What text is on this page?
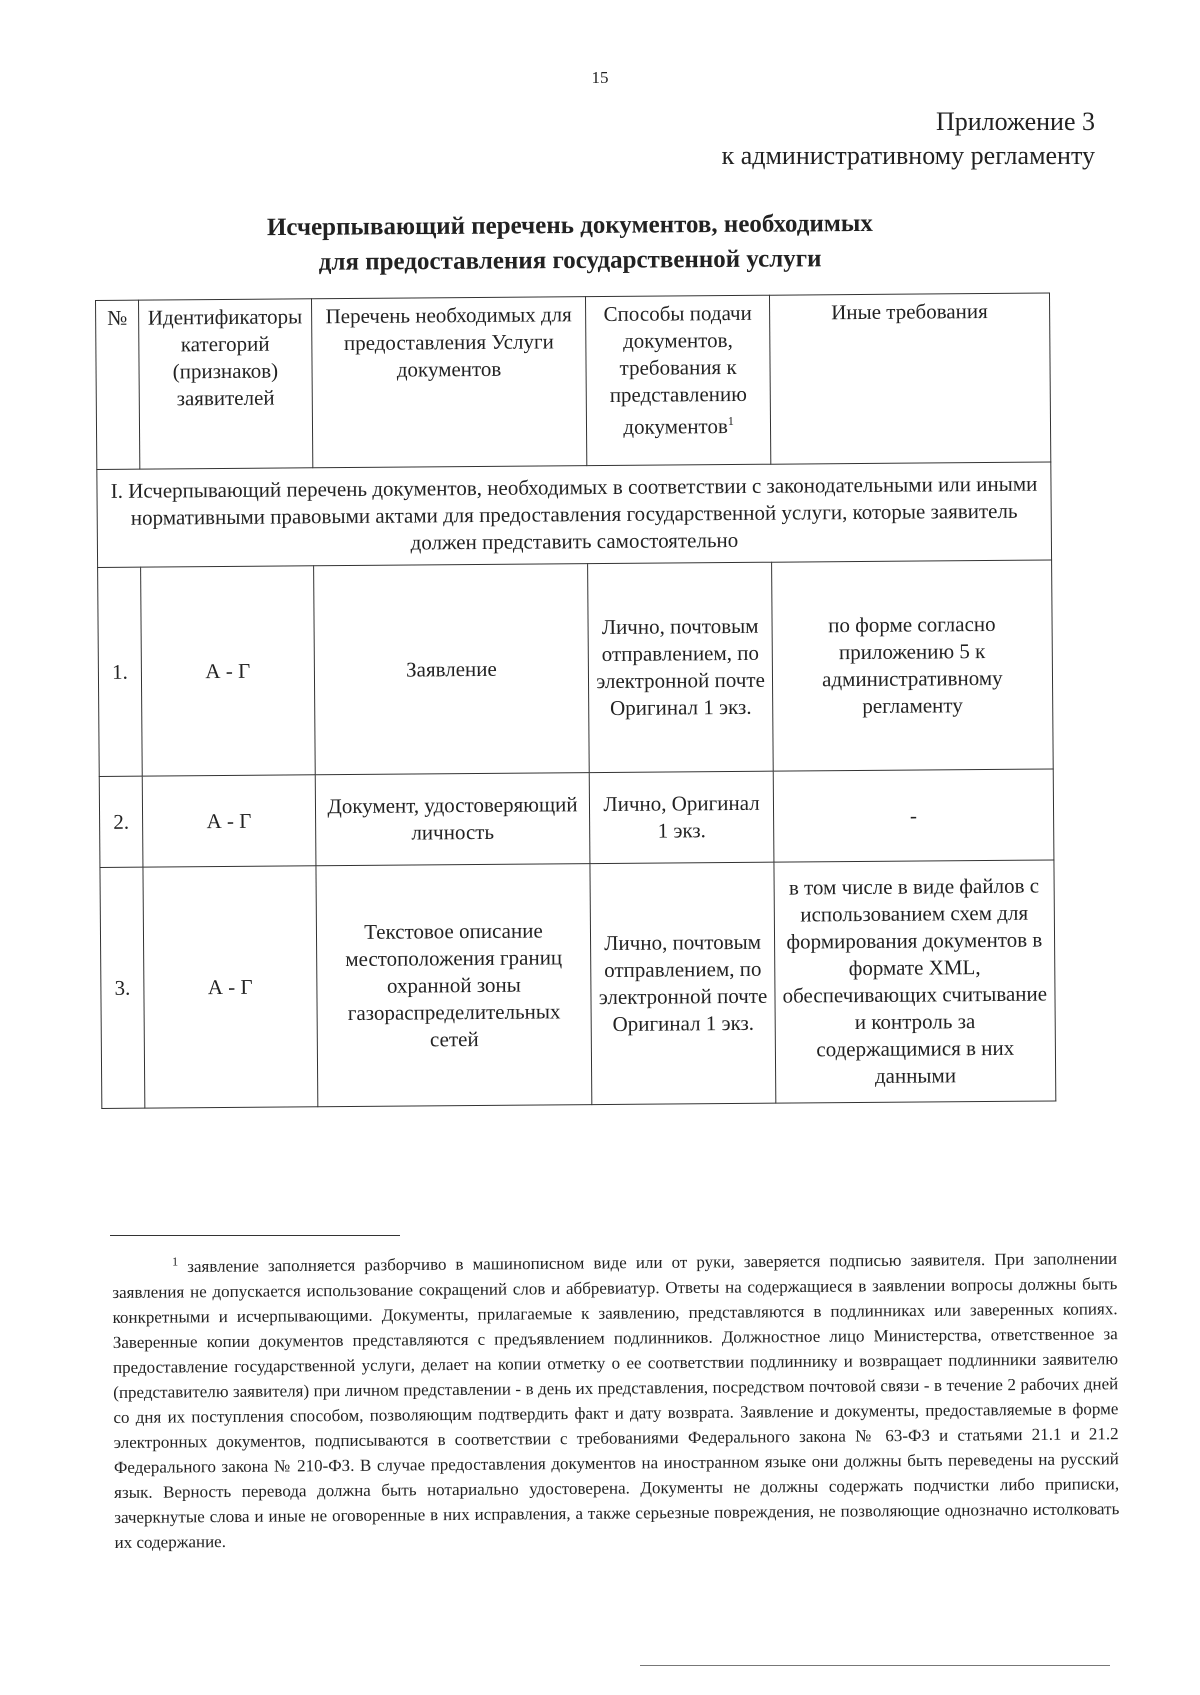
15
Приложение 3
к административному регламенту
Исчерпывающий перечень документов, необходимых
для предоставления государственной услуги
№	Идентификаторы категорий (признаков) заявителей	Перечень необходимых для предоставления Услуги документов	Способы подачи документов, требования к представлению документов$^1$	Иные требования
I. Исчерпывающий перечень документов, необходимых в соответствии с законодательными или иными нормативными правовыми актами для предоставления государственной услуги, которые заявитель должен представить самостоятельно				
1.	А - Г	Заявление	Лично, почтовым отправлением, по электронной почте Оригинал 1 экз.	по форме согласно приложению 5 к административному регламенту
2.	А - Г	Документ, удостоверяющий личность	Лично, Оригинал 1 экз.	-
3.	А - Г	Текстовое описание местоположения границ охранной зоны газораспределительных сетей	Лично, почтовым отправлением, по электронной почте Оригинал 1 экз.	в том числе в виде файлов с использованием схем для формирования документов в формате XML, обеспечивающих считывание и контроль за содержащимися в них данными
$^1$ заявление заполняется разборчиво в машинописном виде или от руки, заверяется подписью заявителя. При заполнении заявления не допускается использование сокращений слов и аббревиатур. Ответы на содержащиеся в заявлении вопросы должны быть конкретными и исчерпывающими. Документы, прилагаемые к заявлению, представляются в подлинниках или заверенных копиях. Заверенные копии документов представляются с предъявлением подлинников. Должностное лицо Министерства, ответственное за предоставление государственной услуги, делает на копии отметку о ее соответствии подлиннику и возвращает подлинники заявителю (представителю заявителя) при личном представлении - в день их представления, посредством почтовой связи - в течение 2 рабочих дней со дня их поступления способом, позволяющим подтвердить факт и дату возврата. Заявление и документы, предоставляемые в форме электронных документов, подписываются в соответствии с требованиями Федерального закона № 63-ФЗ и статьями 21.1 и 21.2 Федерального закона № 210-ФЗ. В случае предоставления документов на иностранном языке они должны быть переведены на русский язык. Верность перевода должна быть нотариально удостоверена. Документы не должны содержать подчистки либо приписки, зачеркнутые слова и иные не оговоренные в них исправления, а также серьезные повреждения, не позволяющие однозначно истолковать их содержание.
